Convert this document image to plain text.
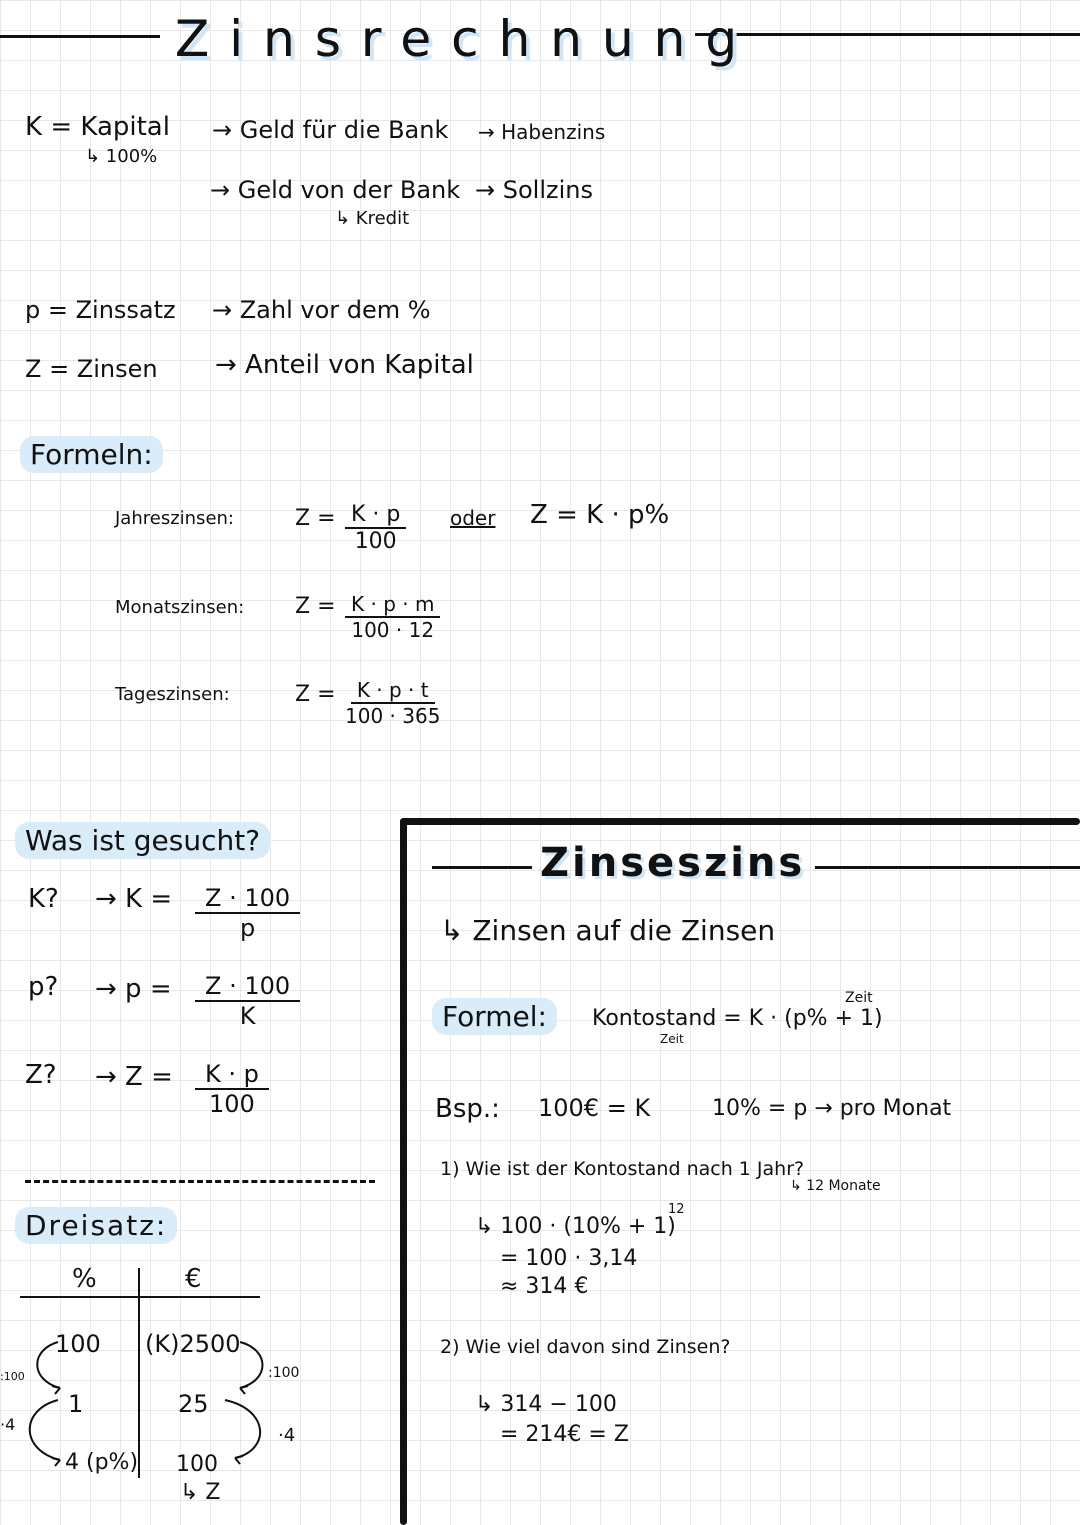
Zinsrechnung
K = Kapital
↳ 100%
→ Geld für die Bank → Habenzins
→ Geld von der Bank
↳ Kredit
→ Sollzins
p = Zinssatz → Zahl vor dem %
Z = Zinsen → Anteil von Kapital
Formeln:
Jahreszinsen:	$Z = \frac{K \cdot p}{100}$ oder Z = K · p%
Monatszinsen: $Z = \frac{K \cdot p \cdot m}{100 \cdot 12}$
Tageszinsen:	$Z = \frac{K \cdot p \cdot t}{100 \cdot 365}$
Was ist gesucht?
K? → $K = \frac{Z \cdot 100}{p}$
p? → $p = \frac{Z \cdot 100}{K}$
Z? → $Z = \frac{K \cdot p}{100}$
Dreisatz:
%	€
100 (K)2500
1	25
4 (p%) 100
↳ Z
:100
·4
:100
·4
Zinseszins
↳ Zinsen auf die Zinsen
Formel:	Kontostand = K · (p% + 1)
Zeit
Zeit
Bsp.: 100€ = K	10% = p → pro Monat
1) Wie ist der Kontostand nach 1 Jahr?
↳ 12 Monate
↳ 100 · (10% + 1)
12
= 100 · 3,14
≈ 314 €
2) Wie viel davon sind Zinsen?
↳ 314 − 100
= 214€ = Z
